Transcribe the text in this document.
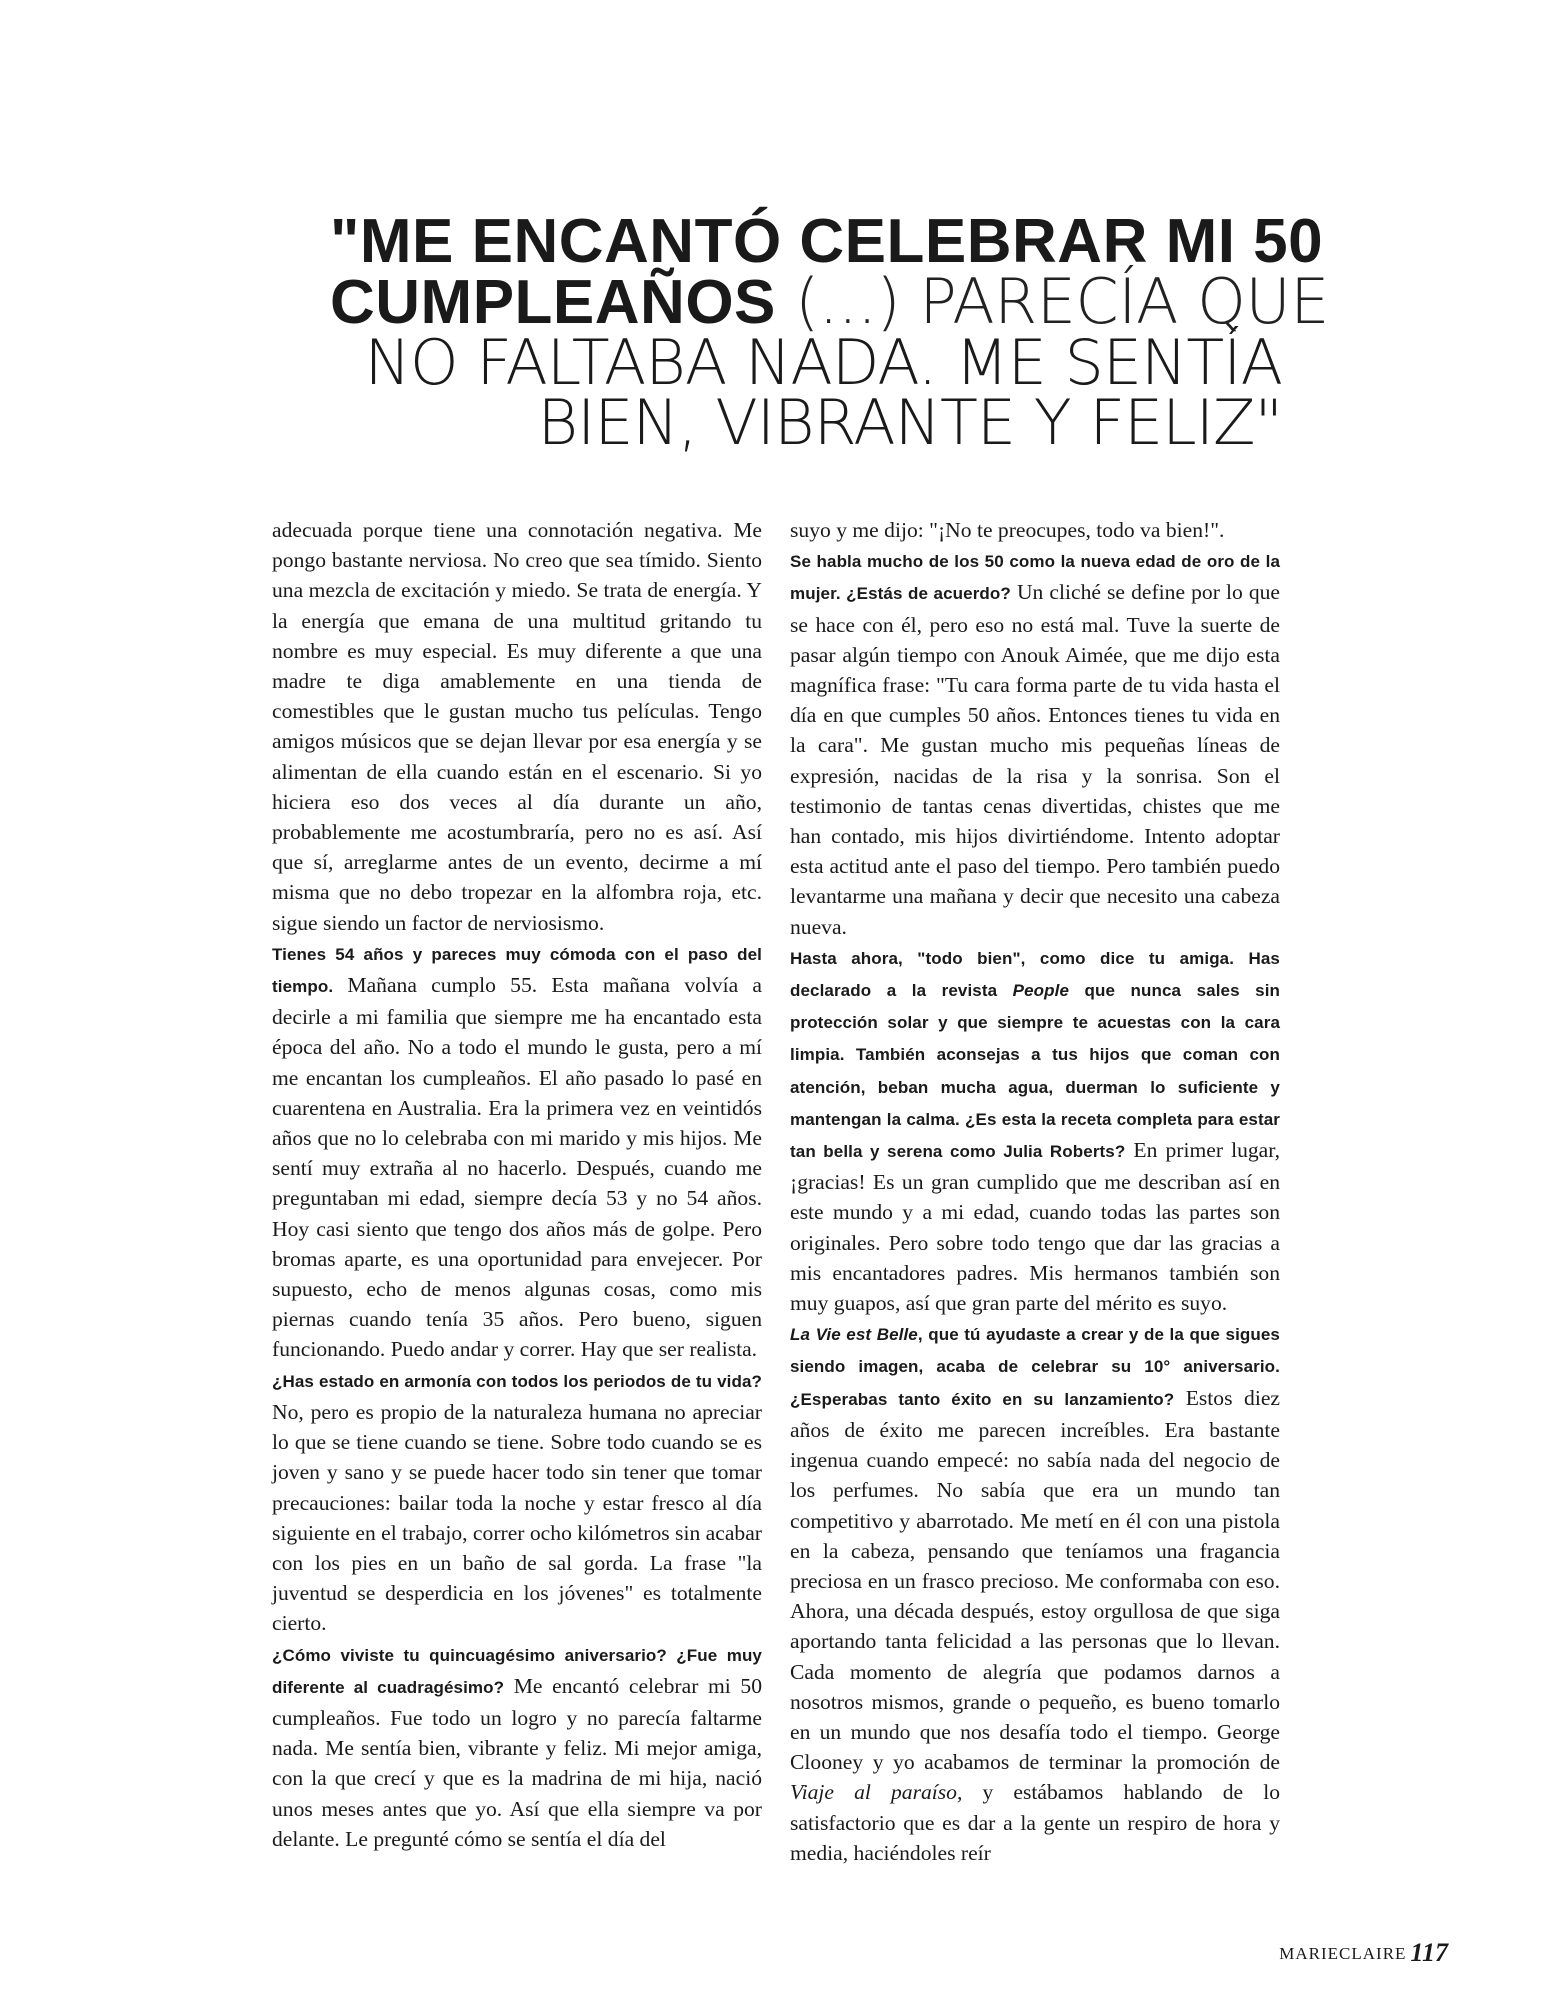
"ME ENCANTÓ CELEBRAR MI 50
CUMPLEAÑOS (...) PARECÍA QUE
NO FALTABA NADA. ME SENTÍA
BIEN, VIBRANTE Y FELIZ"

adecuada porque tiene una connotación negativa. Me pongo bastante nerviosa. No creo que sea tímido. Siento una mezcla de excitación y miedo. Se trata de energía. Y la energía que emana de una multitud gritando tu nombre es muy especial. Es muy diferente a que una madre te diga amablemente en una tienda de comestibles que le gustan mucho tus películas. Tengo amigos músicos que se dejan llevar por esa energía y se alimentan de ella cuando están en el escenario. Si yo hiciera eso dos veces al día durante un año, probablemente me acostumbraría, pero no es así. Así que sí, arreglarme antes de un evento, decirme a mí misma que no debo tropezar en la alfombra roja, etc. sigue siendo un factor de nerviosismo.

Tienes 54 años y pareces muy cómoda con el paso del tiempo. Mañana cumplo 55. Esta mañana volvía a decirle a mi familia que siempre me ha encantado esta época del año. No a todo el mundo le gusta, pero a mí me encantan los cumpleaños. El año pasado lo pasé en cuarentena en Australia. Era la primera vez en veintidós años que no lo celebraba con mi marido y mis hijos. Me sentí muy extraña al no hacerlo. Después, cuando me preguntaban mi edad, siempre decía 53 y no 54 años. Hoy casi siento que tengo dos años más de golpe. Pero bromas aparte, es una oportunidad para envejecer. Por supuesto, echo de menos algunas cosas, como mis piernas cuando tenía 35 años. Pero bueno, siguen funcionando. Puedo andar y correr. Hay que ser realista.

¿Has estado en armonía con todos los periodos de tu vida? No, pero es propio de la naturaleza humana no apreciar lo que se tiene cuando se tiene. Sobre todo cuando se es joven y sano y se puede hacer todo sin tener que tomar precauciones: bailar toda la noche y estar fresco al día siguiente en el trabajo, correr ocho kilómetros sin acabar con los pies en un baño de sal gorda. La frase "la juventud se desperdicia en los jóvenes" es totalmente cierto.

¿Cómo viviste tu quincuagésimo aniversario? ¿Fue muy diferente al cuadragésimo? Me encantó celebrar mi 50 cumpleaños. Fue todo un logro y no parecía faltarme nada. Me sentía bien, vibrante y feliz. Mi mejor amiga, con la que crecí y que es la madrina de mi hija, nació unos meses antes que yo. Así que ella siempre va por delante. Le pregunté cómo se sentía el día del

suyo y me dijo: "¡No te preocupes, todo va bien!".

Se habla mucho de los 50 como la nueva edad de oro de la mujer. ¿Estás de acuerdo? Un cliché se define por lo que se hace con él, pero eso no está mal. Tuve la suerte de pasar algún tiempo con Anouk Aimée, que me dijo esta magnífica frase: "Tu cara forma parte de tu vida hasta el día en que cumples 50 años. Entonces tienes tu vida en la cara". Me gustan mucho mis pequeñas líneas de expresión, nacidas de la risa y la sonrisa. Son el testimonio de tantas cenas divertidas, chistes que me han contado, mis hijos divirtiéndome. Intento adoptar esta actitud ante el paso del tiempo. Pero también puedo levantarme una mañana y decir que necesito una cabeza nueva.

Hasta ahora, "todo bien", como dice tu amiga. Has declarado a la revista People que nunca sales sin protección solar y que siempre te acuestas con la cara limpia. También aconsejas a tus hijos que coman con atención, beban mucha agua, duerman lo suficiente y mantengan la calma. ¿Es esta la receta completa para estar tan bella y serena como Julia Roberts? En primer lugar, ¡gracias! Es un gran cumplido que me describan así en este mundo y a mi edad, cuando todas las partes son originales. Pero sobre todo tengo que dar las gracias a mis encantadores padres. Mis hermanos también son muy guapos, así que gran parte del mérito es suyo.

La Vie est Belle, que tú ayudaste a crear y de la que sigues siendo imagen, acaba de celebrar su 10° aniversario. ¿Esperabas tanto éxito en su lanzamiento? Estos diez años de éxito me parecen increíbles. Era bastante ingenua cuando empecé: no sabía nada del negocio de los perfumes. No sabía que era un mundo tan competitivo y abarrotado. Me metí en él con una pistola en la cabeza, pensando que teníamos una fragancia preciosa en un frasco precioso. Me conformaba con eso. Ahora, una década después, estoy orgullosa de que siga aportando tanta felicidad a las personas que lo llevan. Cada momento de alegría que podamos darnos a nosotros mismos, grande o pequeño, es bueno tomarlo en un mundo que nos desafía todo el tiempo. George Clooney y yo acabamos de terminar la promoción de Viaje al paraíso, y estábamos hablando de lo satisfactorio que es dar a la gente un respiro de hora y media, haciéndoles reír

MARIECLAIRE 117
